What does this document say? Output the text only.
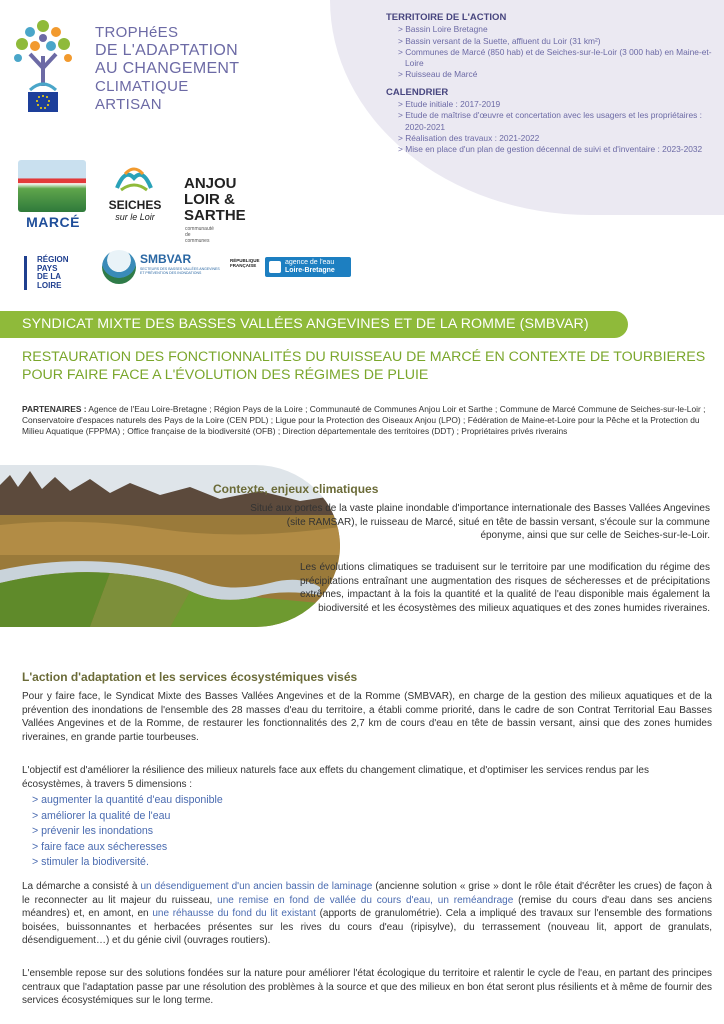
TROPHéES
DE L'ADAPTATION
AU CHANGEMENT
CLIMATIQUE
ARTISAN
TERRITOIRE DE L'ACTION
> Bassin Loire Bretagne
> Bassin versant de la Suette, affluent du Loir (31 km²)
> Communes de Marcé (850 hab) et de Seiches-sur-le-Loir (3 000 hab) en Maine-et-Loire
> Ruisseau de Marcé
CALENDRIER
> Etude initiale : 2017-2019
> Etude de maîtrise d'œuvre et concertation avec les usagers et les propriétaires : 2020-2021
> Réalisation des travaux : 2021-2022
> Mise en place d'un plan de gestion décennal de suivi et d'inventaire : 2023-2032
MARCÉ
SEICHES
sur le Loir
ANJOU
LOIR &
SARTHE
communauté de communes
RÉGION
PAYS
DE LA LOIRE
SMBVAR
SECTEURS DES BASSES VALLÉES ANGEVINES ET PRÉVENTION DES INONDATIONS
RÉPUBLIQUE
FRANÇAISE	agence de l'eau
Loire-Bretagne
SYNDICAT MIXTE DES BASSES VALLÉES ANGEVINES ET DE LA ROMME (SMBVAR)
RESTAURATION DES FONCTIONNALITÉS DU RUISSEAU DE MARCÉ EN CONTEXTE DE TOURBIERES
POUR FAIRE FACE A L'ÉVOLUTION DES RÉGIMES DE PLUIE
PARTENAIRES : Agence de l'Eau Loire-Bretagne ; Région Pays de la Loire ; Communauté de Communes Anjou Loir et Sarthe ; Commune de Marcé Commune de Seiches-sur-le-Loir ; Conservatoire d'espaces naturels des Pays de la Loire (CEN PDL) ; Ligue pour la Protection des Oiseaux Anjou (LPO) ; Fédération de Maine-et-Loire pour la Pêche et la Protection du Milieu Aquatique (FPPMA) ; Office française de la biodiversité (OFB) ; Direction départementale des territoires (DDT) ; Propriétaires privés riverains
Contexte, enjeux climatiques
Situé aux portes de la vaste plaine inondable d'importance internationale des Basses Vallées Angevines (site RAMSAR), le ruisseau de Marcé, situé en tête de bassin versant, s'écoule sur la commune éponyme, ainsi que sur celle de Seiches-sur-le-Loir.
Les évolutions climatiques se traduisent sur le territoire par une modification du régime des précipitations entraînant une augmentation des risques de sécheresses et de précipitations extrêmes, impactant à la fois la quantité et la qualité de l'eau disponible mais également la biodiversité et les écosystèmes des milieux aquatiques et des zones humides riveraines.
L'action d'adaptation et les services écosystémiques visés
Pour y faire face, le Syndicat Mixte des Basses Vallées Angevines et de la Romme (SMBVAR), en charge de la gestion des milieux aquatiques et de la prévention des inondations de l'ensemble des 28 masses d'eau du territoire, a établi comme priorité, dans le cadre de son Contrat Territorial Eau Basses Vallées Angevines et de la Romme, de restaurer les fonctionnalités des 2,7 km de cours d'eau en tête de bassin versant, ainsi que des zones humides riveraines, en grande partie tourbeuses.
L'objectif est d'améliorer la résilience des milieux naturels face aux effets du changement climatique, et d'optimiser les services rendus par les écosystèmes, à travers 5 dimensions :
> augmenter la quantité d'eau disponible
> améliorer la qualité de l'eau
> prévenir les inondations
> faire face aux sécheresses
> stimuler la biodiversité.
La démarche a consisté à un désendiguement d'un ancien bassin de laminage (ancienne solution « grise » dont le rôle était d'écrêter les crues) de façon à le reconnecter au lit majeur du ruisseau, une remise en fond de vallée du cours d'eau, un reméandrage (remise du cours d'eau dans ses anciens méandres) et, en amont, en une réhausse du fond du lit existant (apports de granulométrie). Cela a impliqué des travaux sur l'ensemble des formations boisées, buissonnantes et herbacées présentes sur les rives du cours d'eau (ripisylve), du terrassement (nouveau lit, apport de granulats, désendiguement…) et du génie civil (ouvrages routiers).
L'ensemble repose sur des solutions fondées sur la nature pour améliorer l'état écologique du territoire et ralentir le cycle de l'eau, en partant des principes centraux que l'adaptation passe par une résolution des problèmes à la source et que des milieux en bon état seront plus résilients et à même de fournir des services écosystémiques sur le long terme.
